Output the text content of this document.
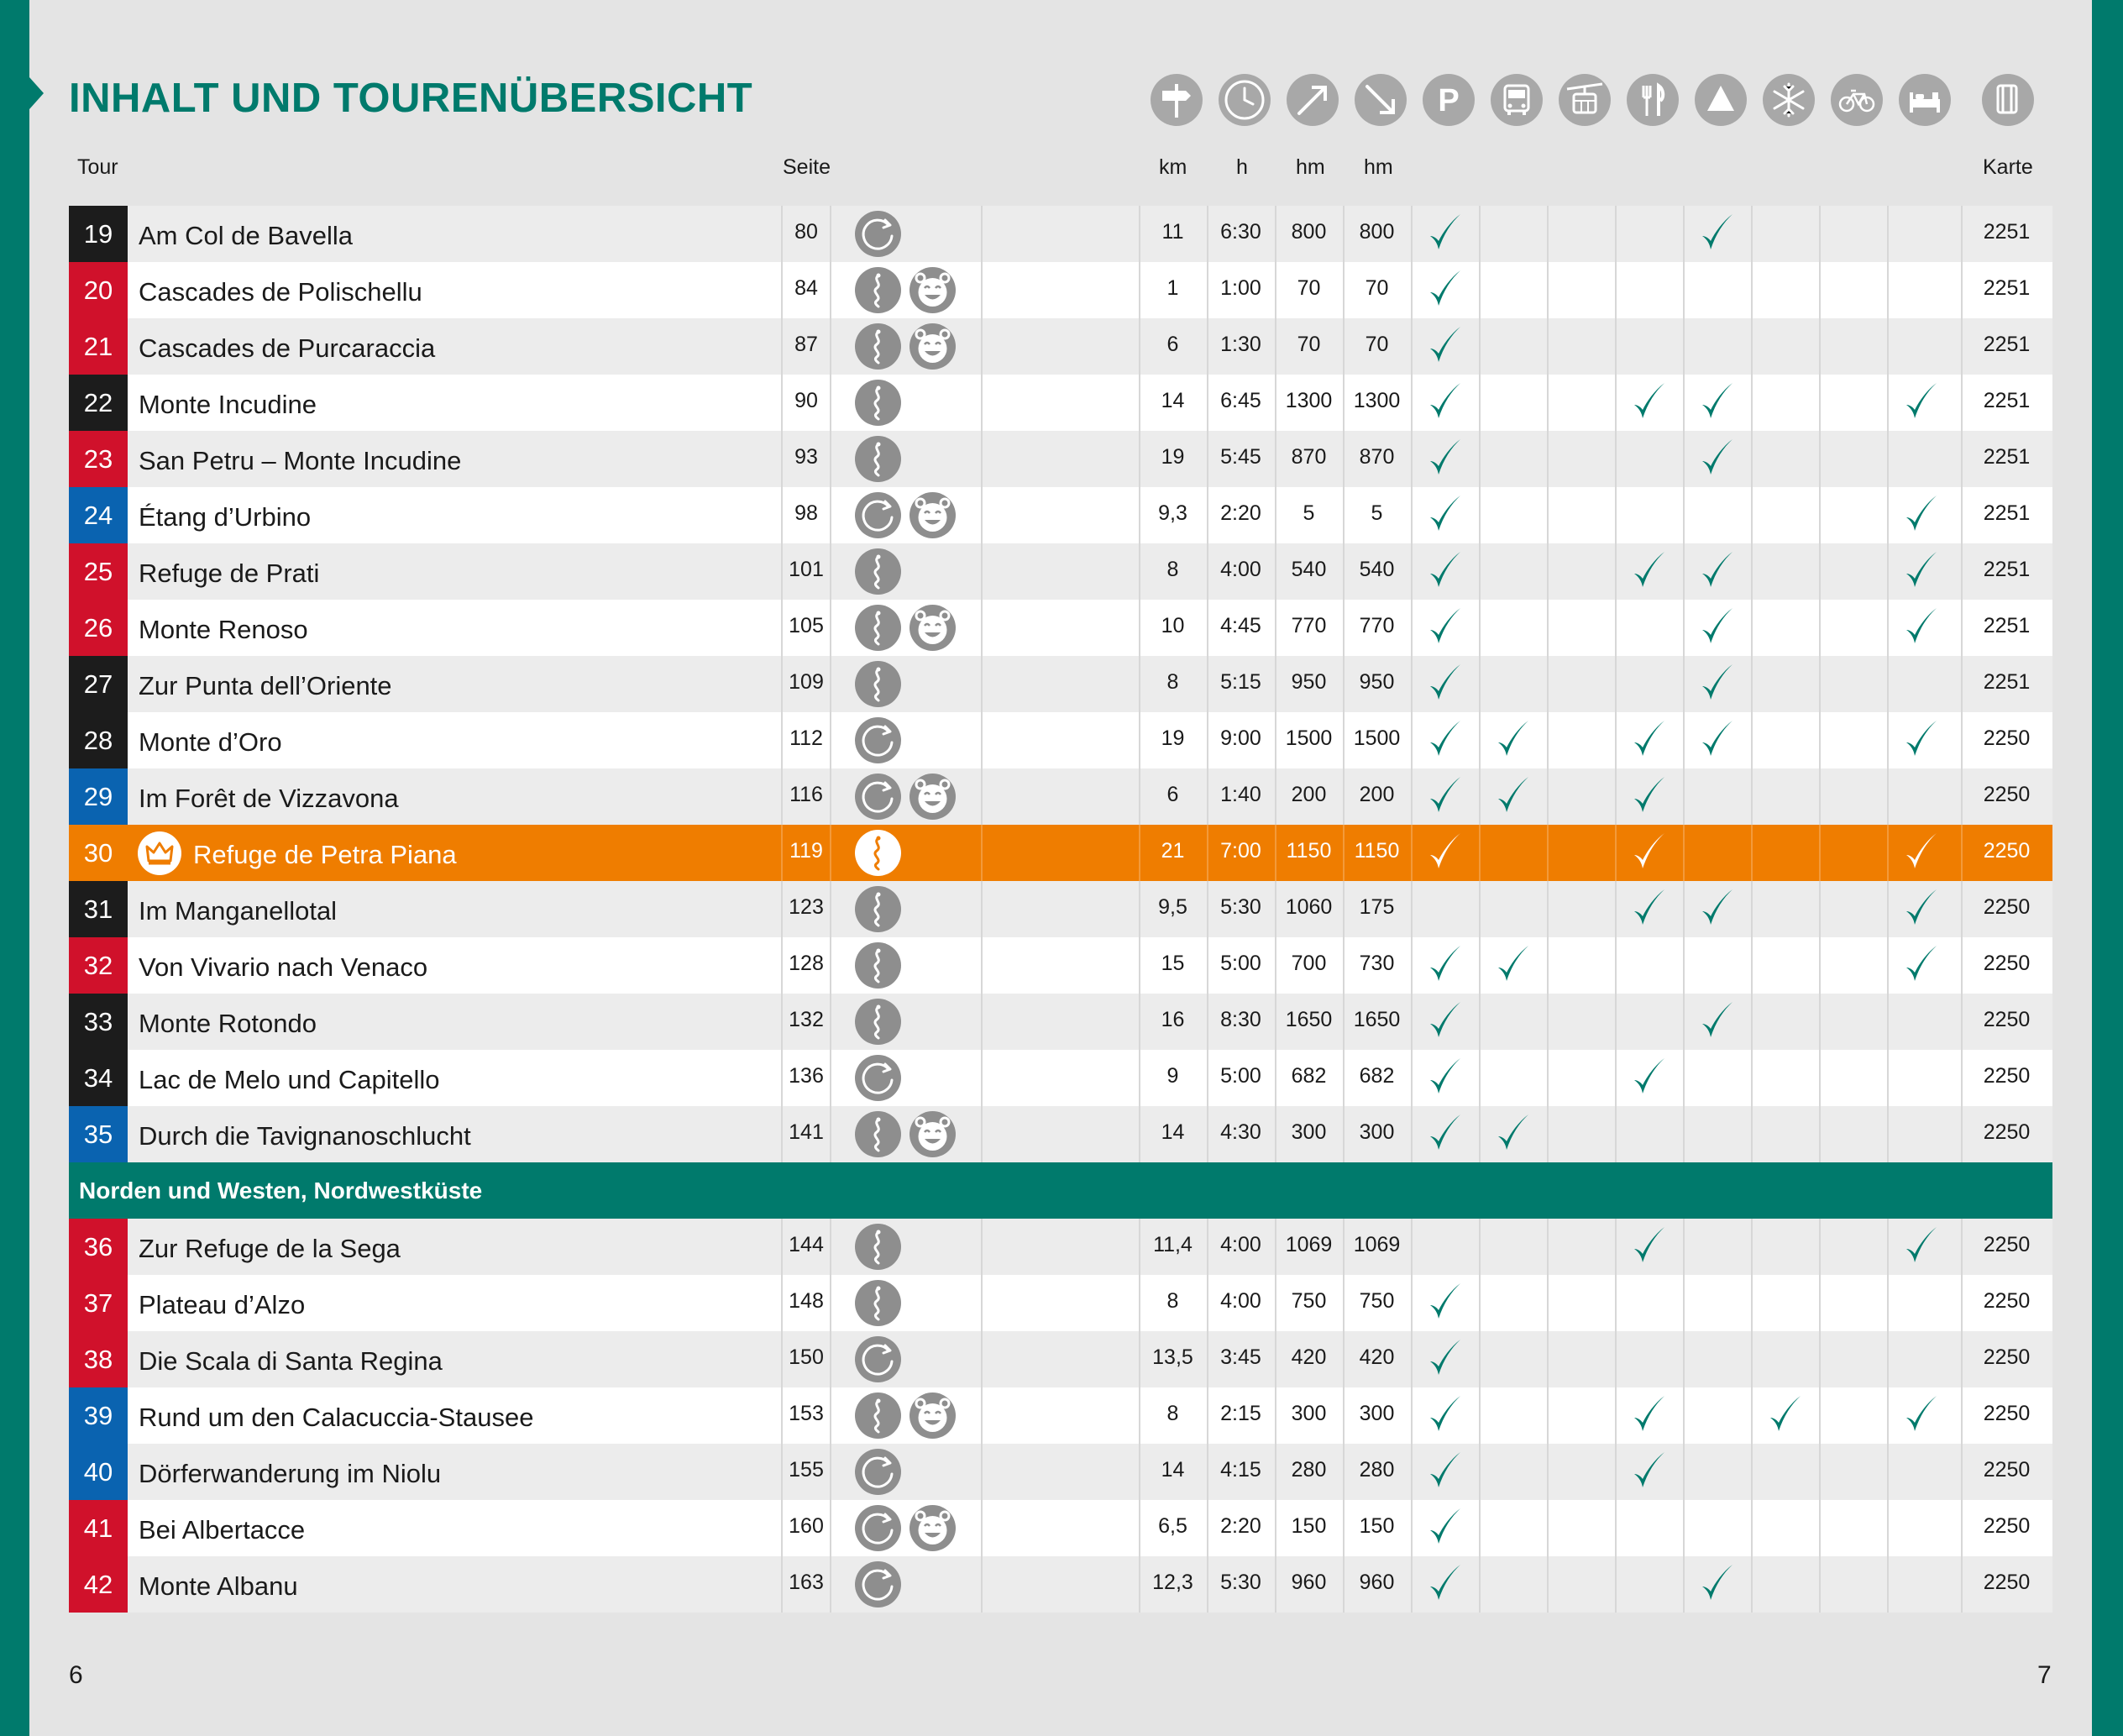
INHALT UND TOURENÜBERSICHT	P
Tour	Seite	km h hm hm	Karte
19 Am Col de Bavella	80	11	6:30	800	800	2251
20 Cascades de Polischellu	84	1	1:00	70	70	2251
21 Cascades de Purcaraccia	87	6	1:30	70	70	2251
22 Monte Incudine	90	14	6:45	1300	1300	2251
23 San Petru – Monte Incudine	93	19	5:45	870	870	2251
24 Étang d’Urbino	98	9,3	2:20	5	5	2251
25 Refuge de Prati	101	8	4:00	540	540	2251
26 Monte Renoso	105	10	4:45	770	770	2251
27 Zur Punta dell’Oriente	109	8	5:15	950	950	2251
28 Monte d’Oro	112	19	9:00	1500	1500	2250
29 Im Forêt de Vizzavona	116	6	1:40	200	200	2250
30	Refuge de Petra Piana	119	21	7:00	1150	1150	2250
31 Im Manganellotal	123	9,5	5:30	1060	175	2250
32 Von Vivario nach Venaco	128	15	5:00	700	730	2250
33 Monte Rotondo	132	16	8:30	1650	1650	2250
34 Lac de Melo und Capitello	136	9	5:00	682	682	2250
35 Durch die Tavignanoschlucht	141	14	4:30	300	300	2250
Norden und Westen, Nordwestküste
36 Zur Refuge de la Sega	144	11,4	4:00	1069	1069	2250
37 Plateau d’Alzo	148	8	4:00	750	750	2250
38 Die Scala di Santa Regina	150	13,5	3:45	420	420	2250
39 Rund um den Calacuccia-Stausee	153	8	2:15	300	300	2250
40 Dörferwanderung im Niolu	155	14	4:15	280	280	2250
41 Bei Albertacce	160	6,5	2:20	150	150	2250
42 Monte Albanu	163	12,3	5:30	960	960	2250
6	7
